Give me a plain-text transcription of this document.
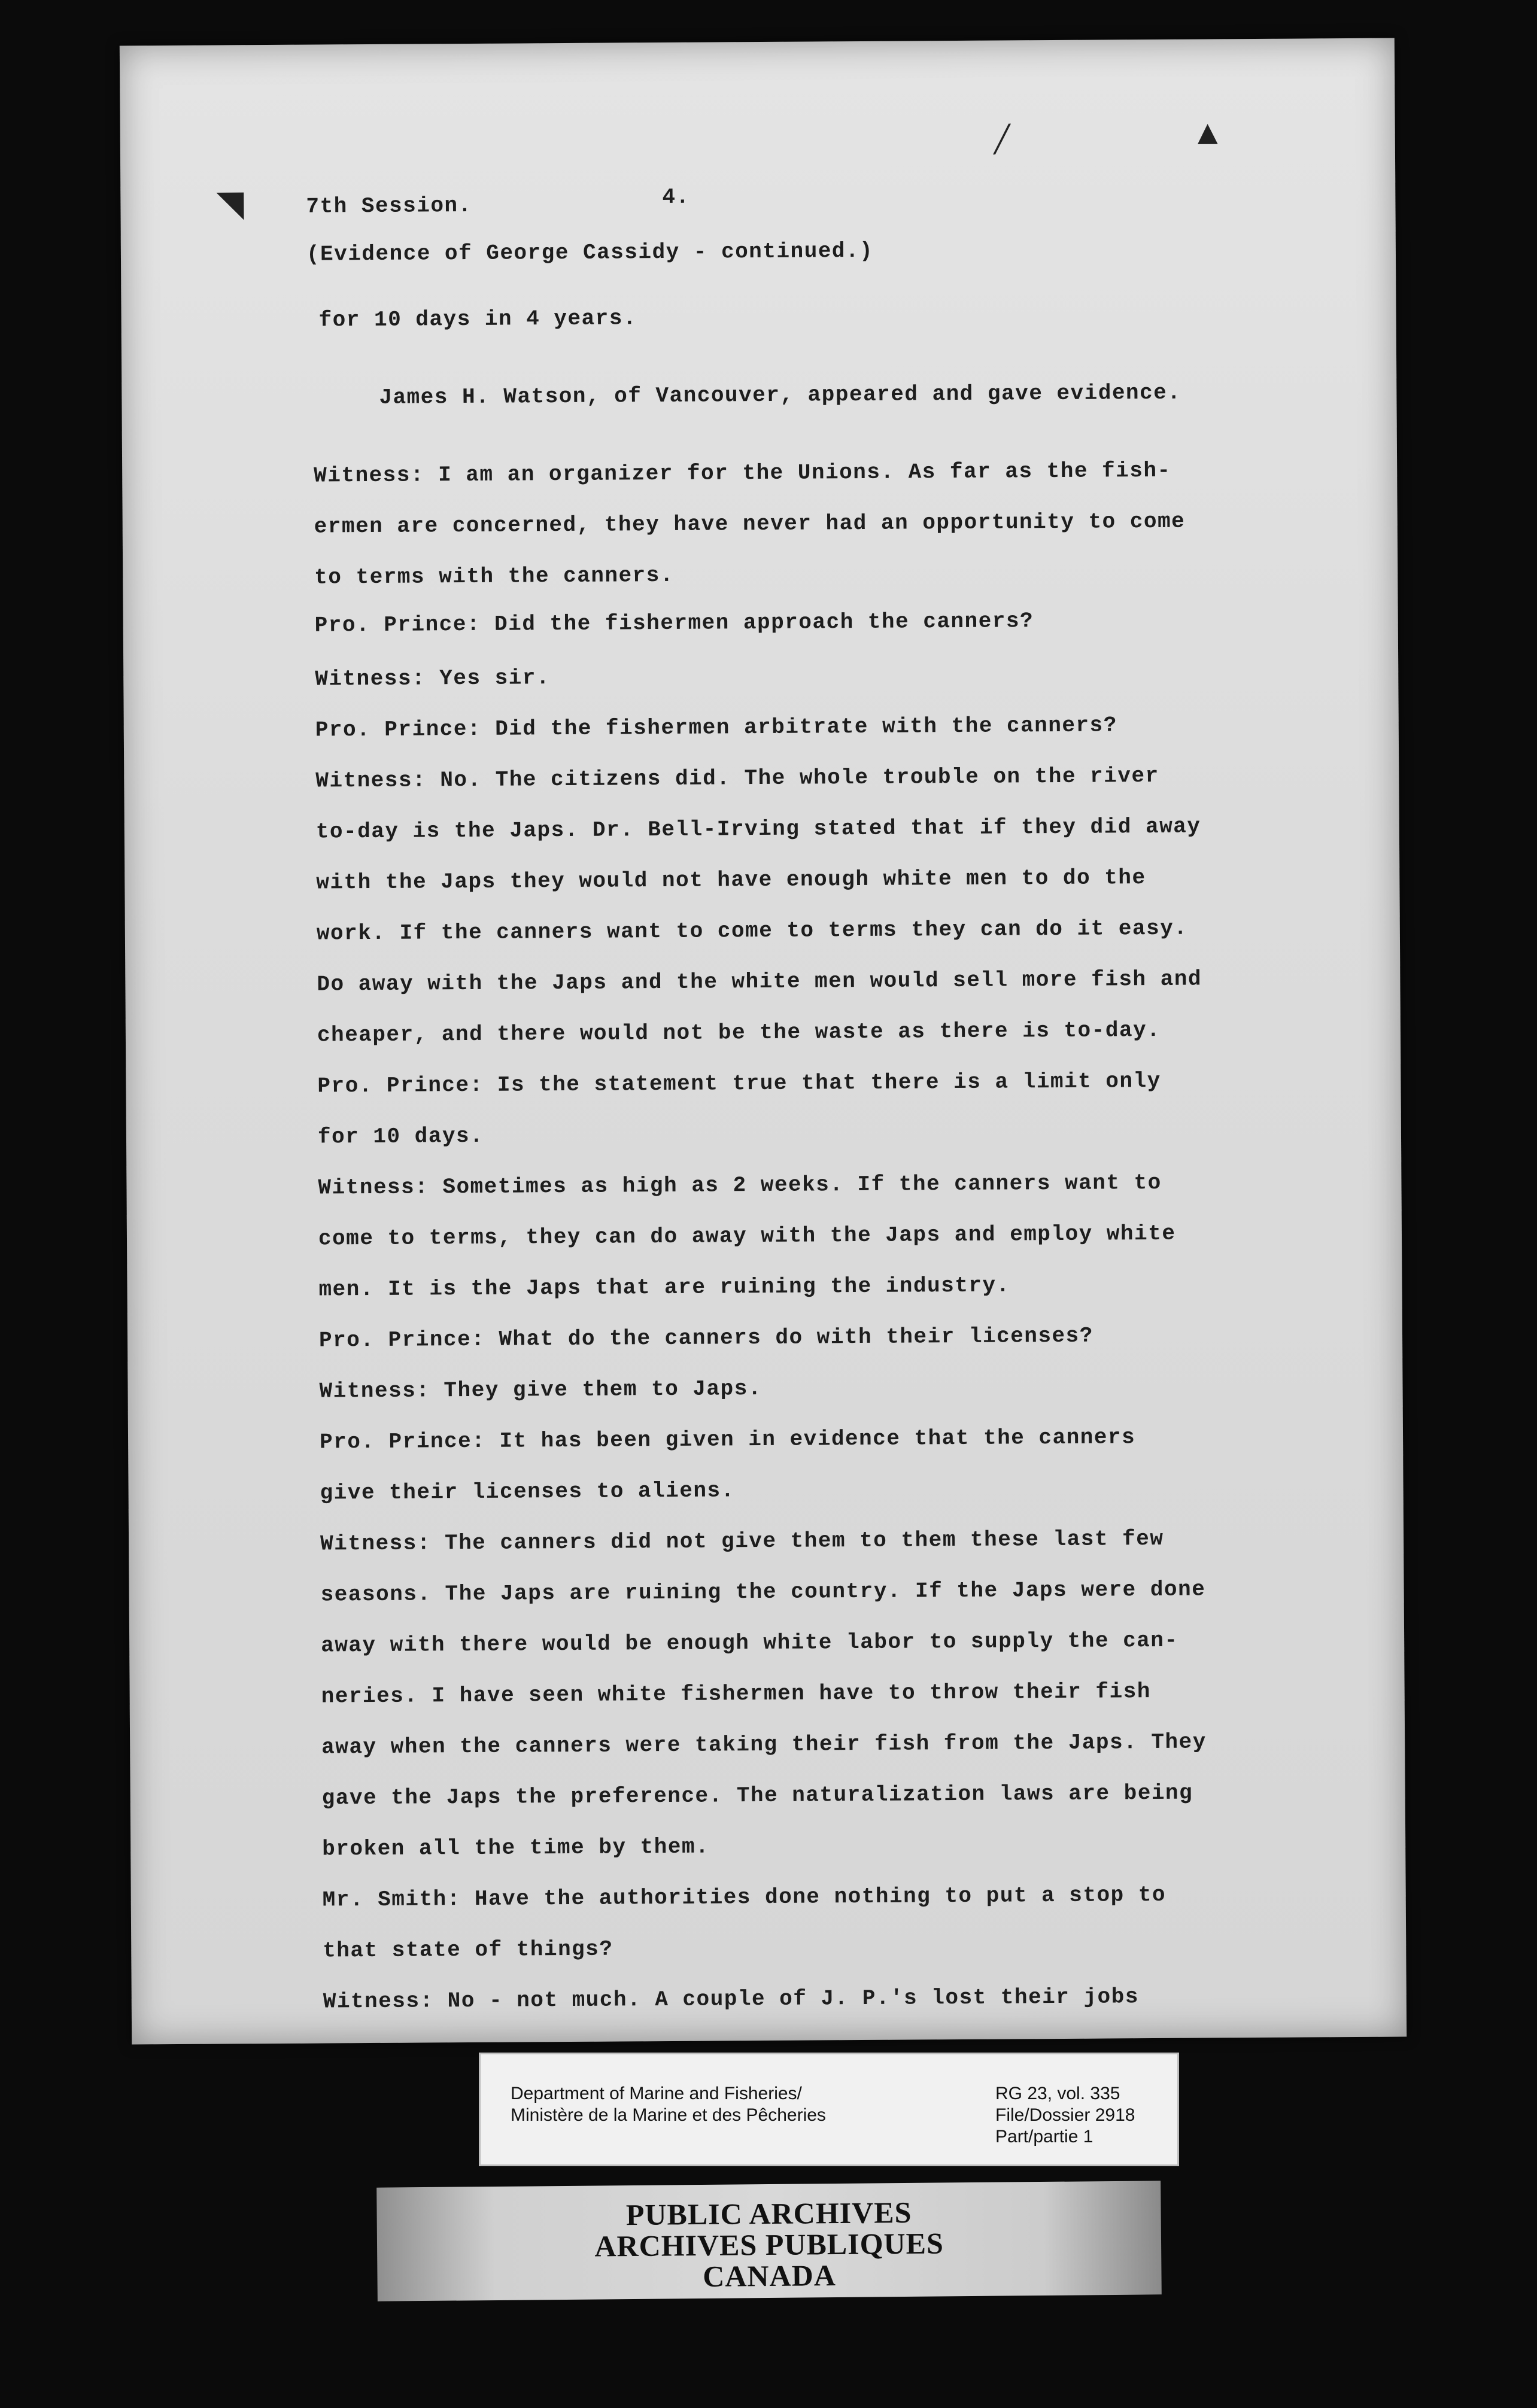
◥
╱	▲
7th Session.	4.
(Evidence of George Cassidy - continued.)
for 10 days in 4 years.
James H. Watson, of Vancouver, appeared and gave evidence.
Witness: I am an organizer for the Unions. As far as the fish-
ermen are concerned, they have never had an opportunity to come
to terms with the canners.
Pro. Prince: Did the fishermen approach the canners?
Witness: Yes sir.
Pro. Prince: Did the fishermen arbitrate with the canners?
Witness: No. The citizens did. The whole trouble on the river
to-day is the Japs. Dr. Bell-Irving stated that if they did away
with the Japs they would not have enough white men to do the
work. If the canners want to come to terms they can do it easy.
Do away with the Japs and the white men would sell more fish and
cheaper, and there would not be the waste as there is to-day.
Pro. Prince: Is the statement true that there is a limit only
for 10 days.
Witness: Sometimes as high as 2 weeks. If the canners want to
come to terms, they can do away with the Japs and employ white
men. It is the Japs that are ruining the industry.
Pro. Prince: What do the canners do with their licenses?
Witness: They give them to Japs.
Pro. Prince: It has been given in evidence that the canners
give their licenses to aliens.
Witness: The canners did not give them to them these last few
seasons. The Japs are ruining the country. If the Japs were done
away with there would be enough white labor to supply the can-
neries. I have seen white fishermen have to throw their fish
away when the canners were taking their fish from the Japs. They
gave the Japs the preference. The naturalization laws are being
broken all the time by them.
Mr. Smith: Have the authorities done nothing to put a stop to
that state of things?
Witness: No - not much. A couple of J. P.'s lost their jobs
Department of Marine and Fisheries/
Ministère de la Marine et des Pêcheries
RG 23, vol. 335
File/Dossier 2918
Part/partie 1
PUBLIC ARCHIVES
ARCHIVES PUBLIQUES
CANADA
